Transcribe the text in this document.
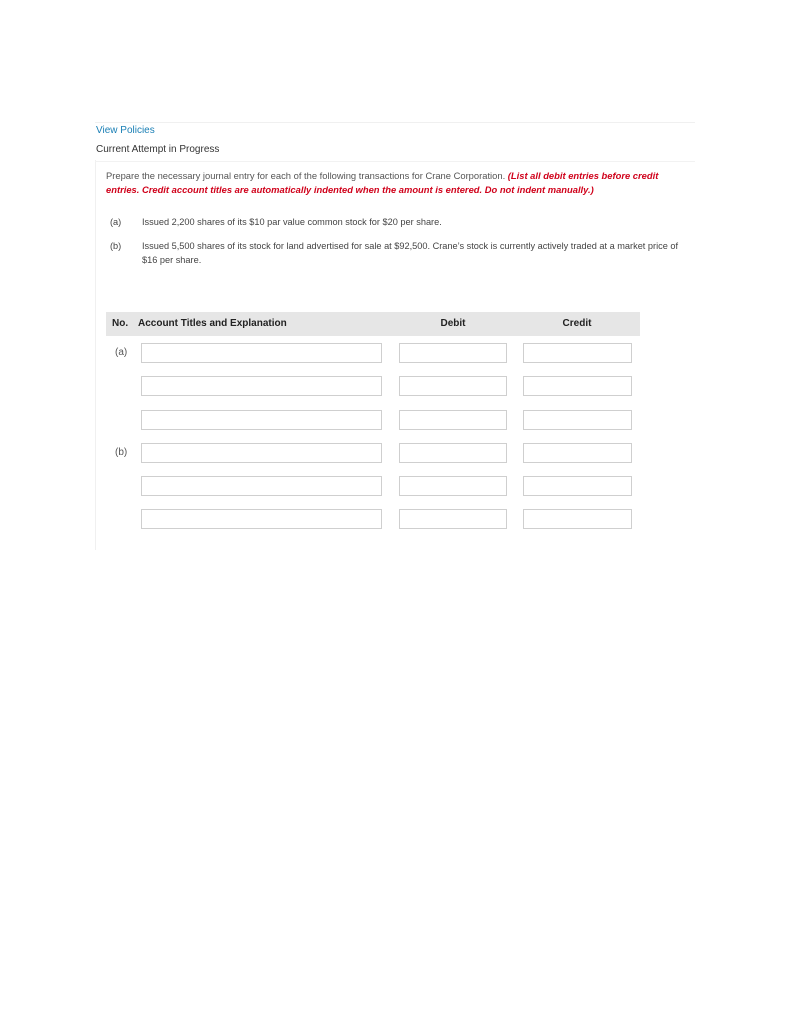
View Policies
Current Attempt in Progress
Prepare the necessary journal entry for each of the following transactions for Crane Corporation. (List all debit entries before credit entries. Credit account titles are automatically indented when the amount is entered. Do not indent manually.)
(a) Issued 2,200 shares of its $10 par value common stock for $20 per share.
(b) Issued 5,500 shares of its stock for land advertised for sale at $92,500. Crane’s stock is currently actively traded at a market price of $16 per share.
No. Account Titles and Explanation	Debit	Credit
(a)
(b)
